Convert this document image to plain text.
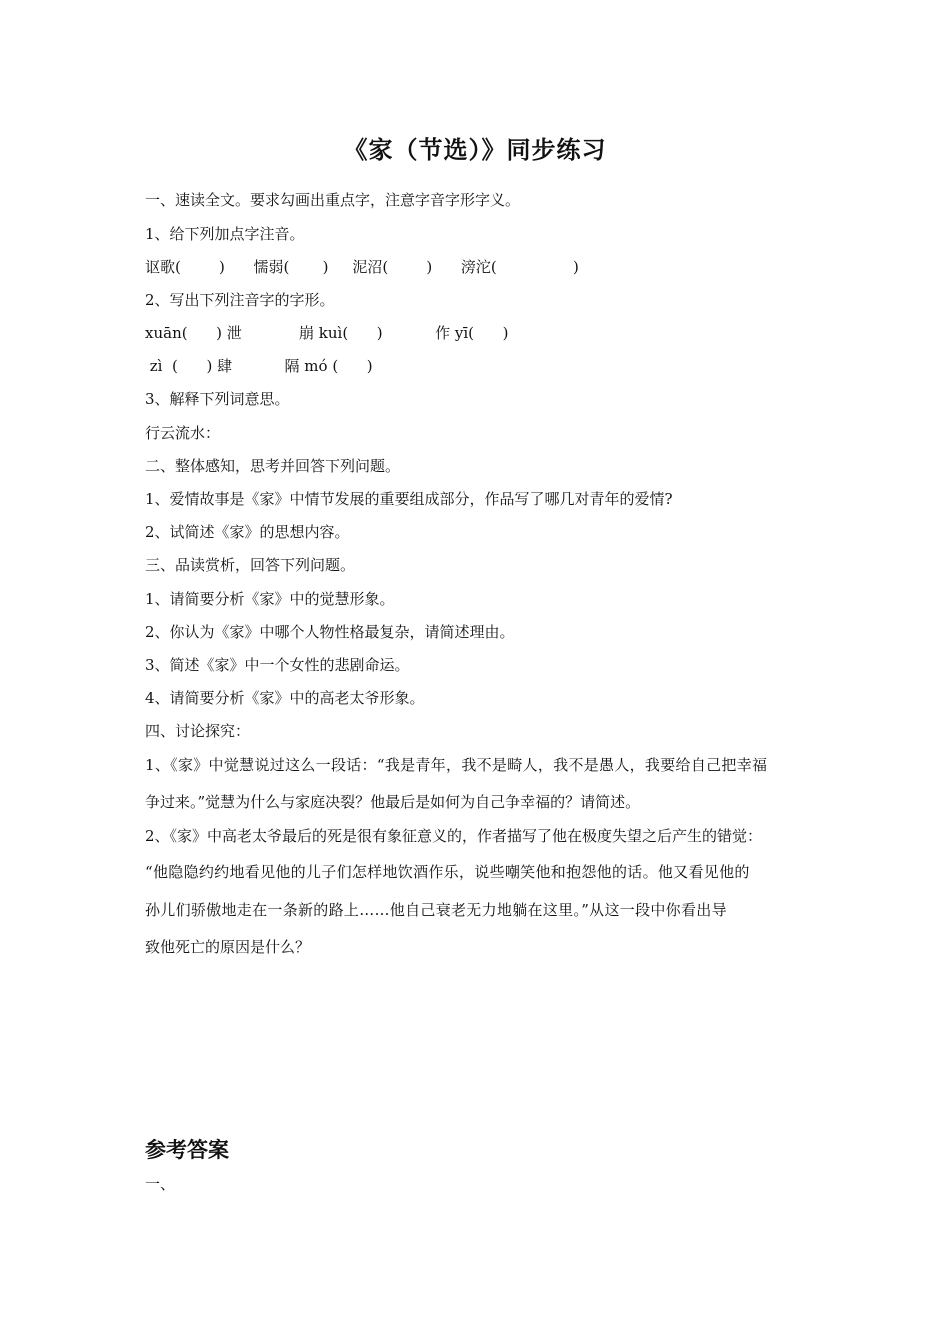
《家（节选）》同步练习
一、速读全文。要求勾画出重点字，注意字音字形字义。
1、给下列加点字注音。
讴歌(        )      懦弱(       )     泥沼(        )      滂沱(                )
2、写出下列注音字的字形。
xuān(      ) 泄            崩 kuì(      )           作 yī(      )
zì  (      ) 肆           隔 mó (      )
3、解释下列词意思。
行云流水：
二、整体感知，思考并回答下列问题。
1、爱情故事是《家》中情节发展的重要组成部分，作品写了哪几对青年的爱情?
2、试简述《家》的思想内容。
三、品读赏析，回答下列问题。
1、请简要分析《家》中的觉慧形象。
2、你认为《家》中哪个人物性格最复杂，请简述理由。
3、简述《家》中一个女性的悲剧命运。
4、请简要分析《家》中的高老太爷形象。
四、讨论探究：
1、《家》中觉慧说过这么一段话：“我是青年，我不是畸人，我不是愚人，我要给自己把幸福
争过来。”觉慧为什么与家庭决裂？他最后是如何为自己争幸福的？请简述。
2、《家》中高老太爷最后的死是很有象征意义的，作者描写了他在极度失望之后产生的错觉：
“他隐隐约约地看见他的儿子们怎样地饮酒作乐，说些嘲笑他和抱怨他的话。他又看见他的
孙儿们骄傲地走在一条新的路上……他自己衰老无力地躺在这里。”从这一段中你看出导
致他死亡的原因是什么？
参考答案
一、
